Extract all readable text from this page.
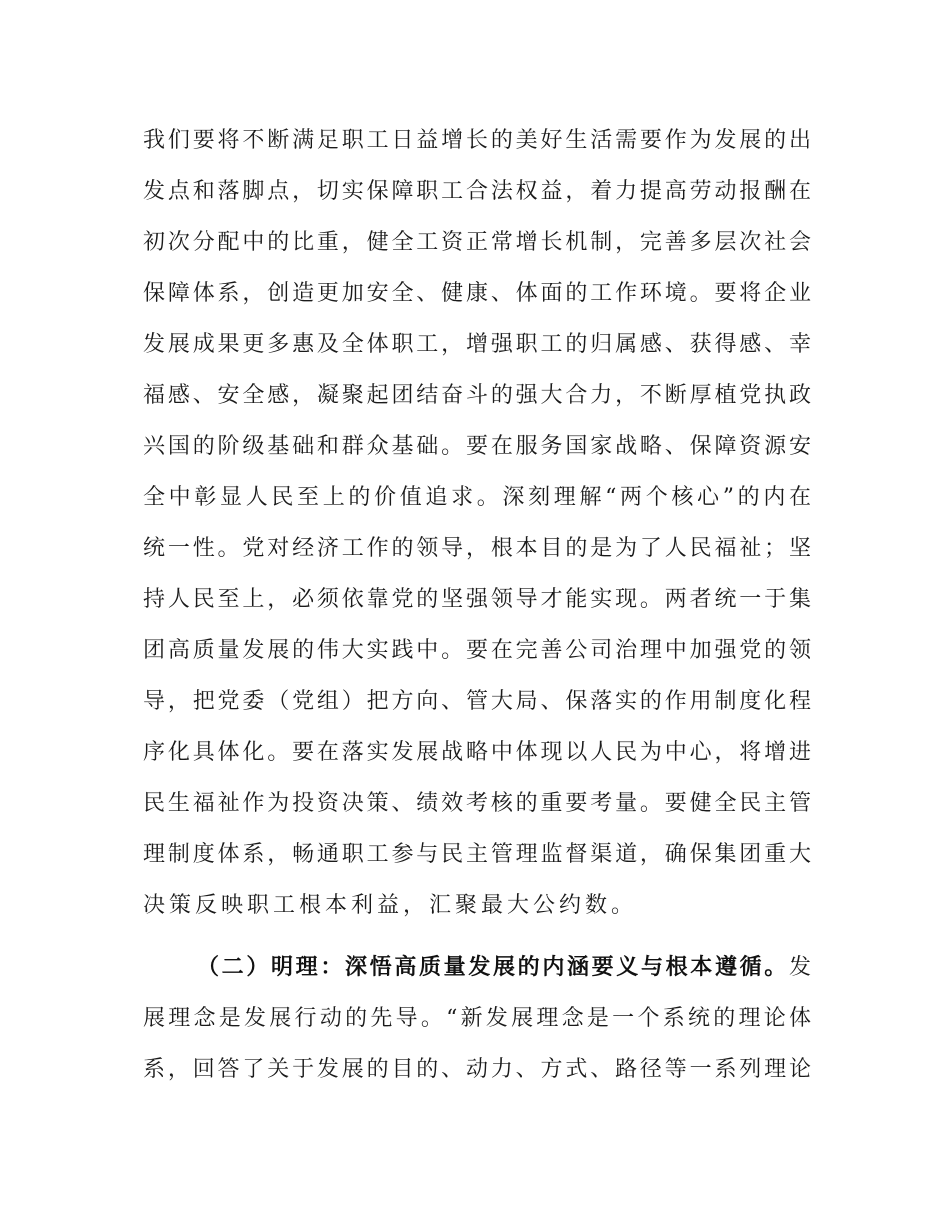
我们要将不断满足职工日益增长的美好生活需要作为发展的出
发点和落脚点，切实保障职工合法权益，着力提高劳动报酬在
初次分配中的比重，健全工资正常增长机制，完善多层次社会
保障体系，创造更加安全、健康、体面的工作环境。要将企业
发展成果更多惠及全体职工，增强职工的归属感、获得感、幸
福感、安全感，凝聚起团结奋斗的强大合力，不断厚植党执政
兴国的阶级基础和群众基础。要在服务国家战略、保障资源安
全中彰显人民至上的价值追求。深刻理解“两个核心”的内在
统一性。党对经济工作的领导，根本目的是为了人民福祉；坚
持人民至上，必须依靠党的坚强领导才能实现。两者统一于集
团高质量发展的伟大实践中。要在完善公司治理中加强党的领
导，把党委（党组）把方向、管大局、保落实的作用制度化程
序化具体化。要在落实发展战略中体现以人民为中心，将增进
民生福祉作为投资决策、绩效考核的重要考量。要健全民主管
理制度体系，畅通职工参与民主管理监督渠道，确保集团重大
决策反映职工根本利益，汇聚最大公约数。
（二）明理：深悟高质量发展的内涵要义与根本遵循。发
展理念是发展行动的先导。“新发展理念是一个系统的理论体
系，回答了关于发展的目的、动力、方式、路径等一系列理论
